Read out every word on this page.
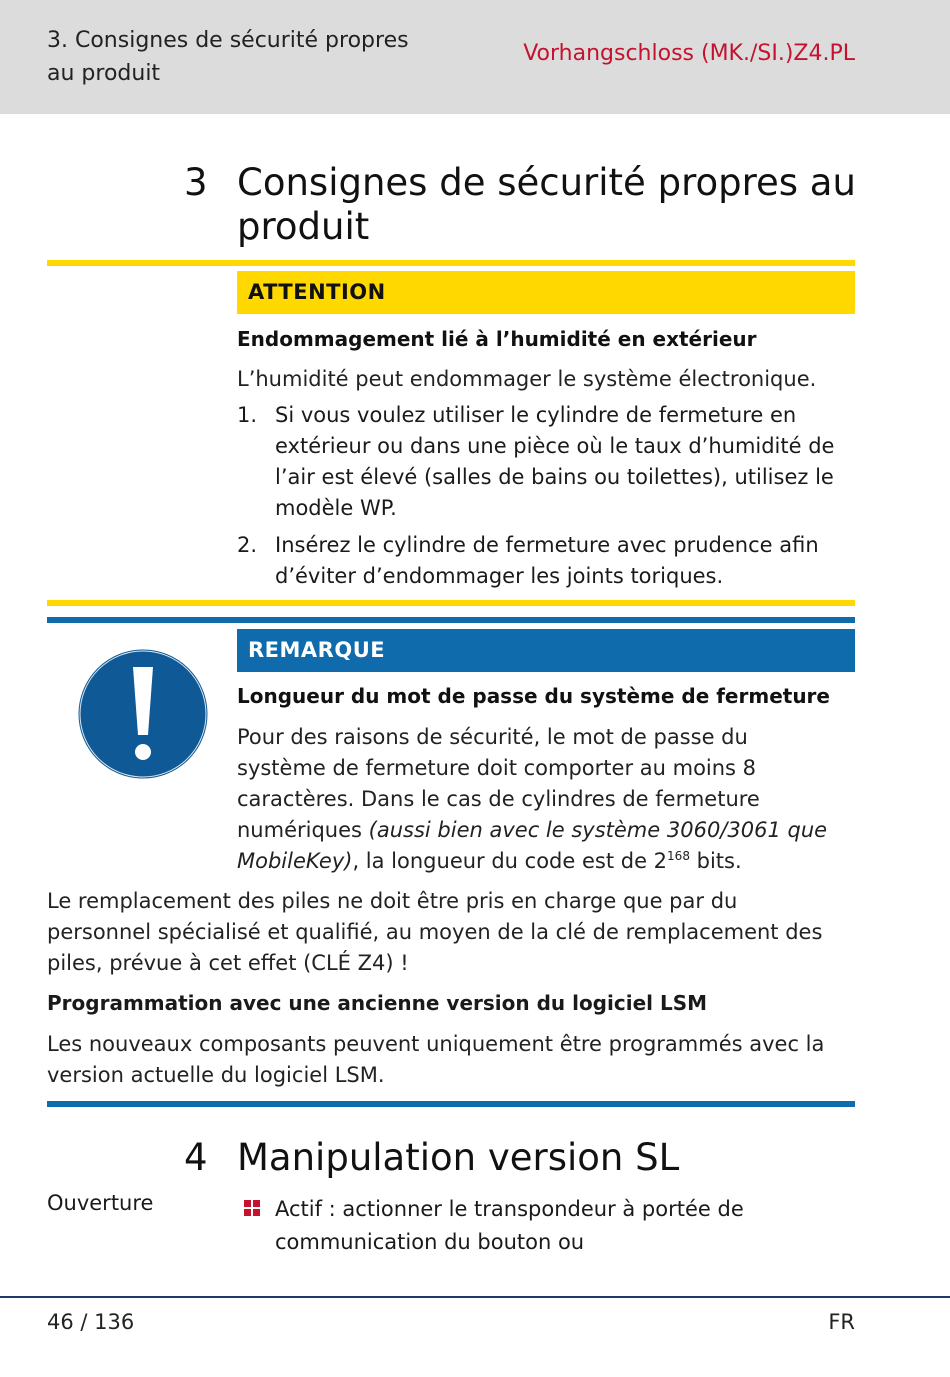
3. Consignes de sécurité propres au produit
Vorhangschloss (MK./SI.)Z4.PL
3 Consignes de sécurité propres au produit
ATTENTION
Endommagement lié à l’humidité en extérieur
L’humidité peut endommager le système électronique.
1. Si vous voulez utiliser le cylindre de fermeture en extérieur ou dans une pièce où le taux d’humidité de l’air est élevé (salles de bains ou toilettes), utilisez le modèle WP.
2. Insérez le cylindre de fermeture avec prudence afin d’éviter d’endommager les joints toriques.
REMARQUE
Longueur du mot de passe du système de fermeture
Pour des raisons de sécurité, le mot de passe du système de fermeture doit comporter au moins 8 caractères. Dans le cas de cylindres de fermeture numériques (aussi bien avec le système 3060/3061 que MobileKey), la longueur du code est de $2^{168}$ bits.
Le remplacement des piles ne doit être pris en charge que par du personnel spécialisé et qualifié, au moyen de la clé de remplacement des piles, prévue à cet effet (CLÉ Z4) !
Programmation avec une ancienne version du logiciel LSM
Les nouveaux composants peuvent uniquement être programmés avec la version actuelle du logiciel LSM.
4 Manipulation version SL
Ouverture	Actif : actionner le transpondeur à portée de communication du bouton ou
46 / 136	FR
